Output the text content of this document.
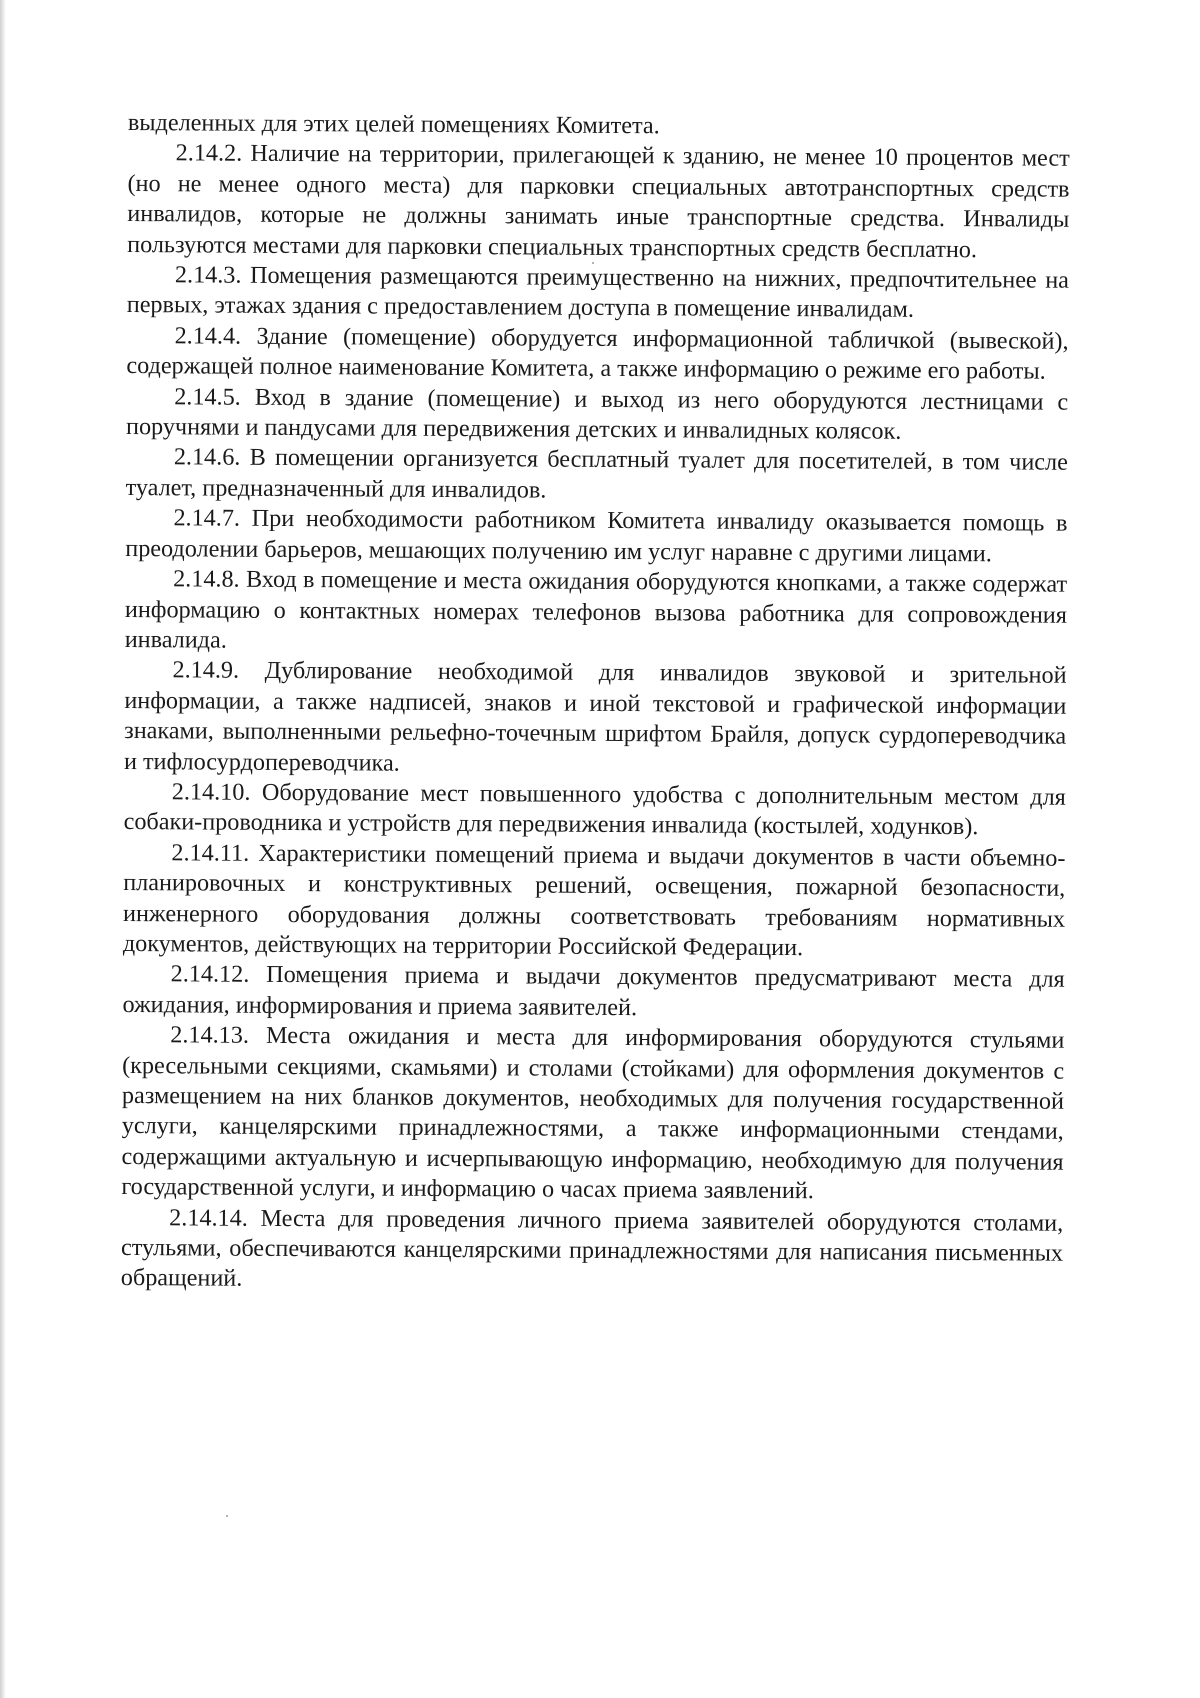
выделенных для этих целей помещениях Комитета.

2.14.2. Наличие на территории, прилегающей к зданию, не менее 10 процентов мест (но не менее одного места) для парковки специальных автотранспортных средств инвалидов, которые не должны занимать иные транспортные средства. Инвалиды пользуются местами для парковки специальных транспортных средств бесплатно.

2.14.3. Помещения размещаются преимущественно на нижних, предпочтительнее на первых, этажах здания с предоставлением доступа в помещение инвалидам.

2.14.4. Здание (помещение) оборудуется информационной табличкой (вывеской), содержащей полное наименование Комитета, а также информацию о режиме его работы.

2.14.5. Вход в здание (помещение) и выход из него оборудуются лестницами с поручнями и пандусами для передвижения детских и инвалидных колясок.

2.14.6. В помещении организуется бесплатный туалет для посетителей, в том числе туалет, предназначенный для инвалидов.

2.14.7. При необходимости работником Комитета инвалиду оказывается помощь в преодолении барьеров, мешающих получению им услуг наравне с другими лицами.

2.14.8. Вход в помещение и места ожидания оборудуются кнопками, а также содержат информацию о контактных номерах телефонов вызова работника для сопровождения инвалида.

2.14.9. Дублирование необходимой для инвалидов звуковой и зрительной информации, а также надписей, знаков и иной текстовой и графической информации знаками, выполненными рельефно-точечным шрифтом Брайля, допуск сурдопереводчика и тифлосурдопереводчика.

2.14.10. Оборудование мест повышенного удобства с дополнительным местом для собаки-проводника и устройств для передвижения инвалида (костылей, ходунков).

2.14.11. Характеристики помещений приема и выдачи документов в части объемно-планировочных и конструктивных решений, освещения, пожарной безопасности, инженерного оборудования должны соответствовать требованиям нормативных документов, действующих на территории Российской Федерации.

2.14.12. Помещения приема и выдачи документов предусматривают места для ожидания, информирования и приема заявителей.

2.14.13. Места ожидания и места для информирования оборудуются стульями (кресельными секциями, скамьями) и столами (стойками) для оформления документов с размещением на них бланков документов, необходимых для получения государственной услуги, канцелярскими принадлежностями, а также информационными стендами, содержащими актуальную и исчерпывающую информацию, необходимую для получения государственной услуги, и информацию о часах приема заявлений.

2.14.14. Места для проведения личного приема заявителей оборудуются столами, стульями, обеспечиваются канцелярскими принадлежностями для написания письменных обращений.
